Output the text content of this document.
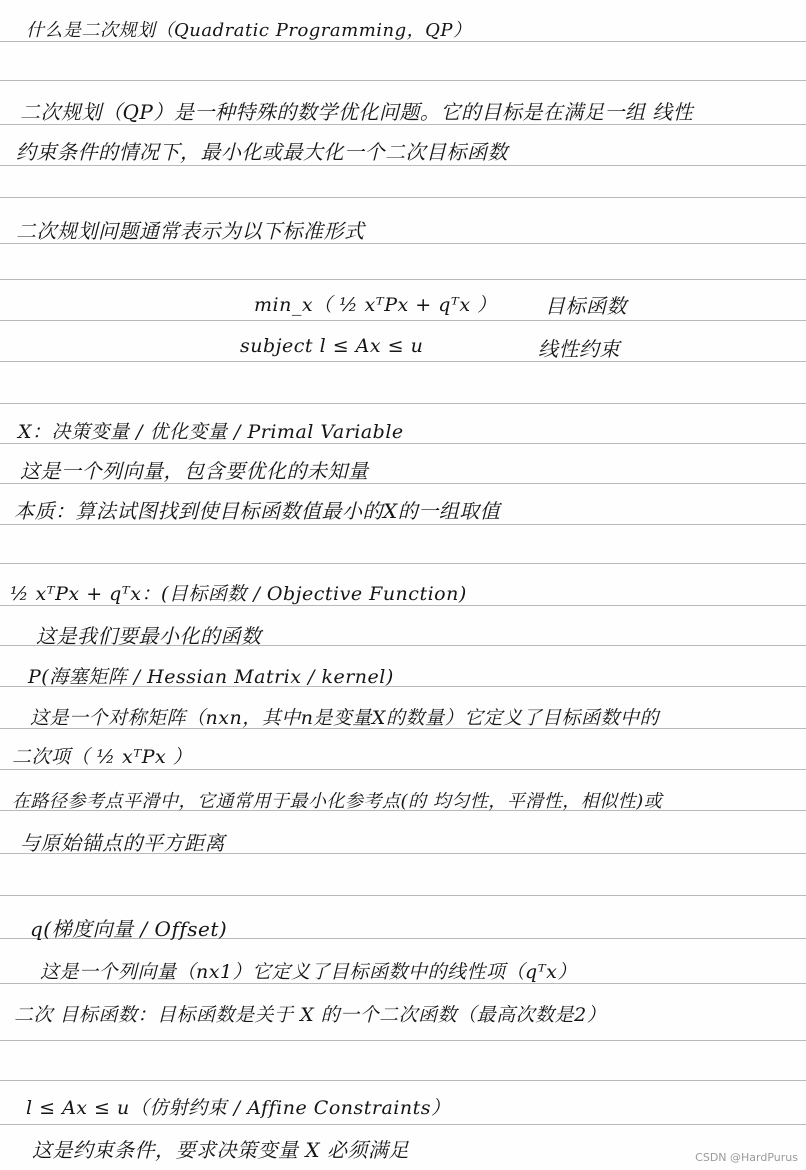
什么是二次规划（Quadratic Programming，QP）
二次规划（QP）是一种特殊的数学优化问题。它的目标是在满足一组 线性
约束条件的情况下，最小化或最大化一个二次目标函数
二次规划问题通常表示为以下标准形式
min_x（ ½ xᵀPx + qᵀx ） 目标函数
subject l ≤ Ax ≤ u	线性约束
X：决策变量 / 优化变量 / Primal Variable
这是一个列向量，包含要优化的未知量
本质：算法试图找到使目标函数值最小的X的一组取值
½ xᵀPx + qᵀx：(目标函数 / Objective Function)
这是我们要最小化的函数
P(海塞矩阵 / Hessian Matrix / kernel)
这是一个对称矩阵（nxn，其中n是变量X的数量）它定义了目标函数中的
二次项（ ½ xᵀPx ）
在路径参考点平滑中，它通常用于最小化参考点(的 均匀性，平滑性，相似性)或
与原始锚点的平方距离
q(梯度向量 / Offset)
这是一个列向量（nx1）它定义了目标函数中的线性项（qᵀx）
二次 目标函数：目标函数是关于 X 的一个二次函数（最高次数是2）
l ≤ Ax ≤ u（仿射约束 / Affine Constraints）
这是约束条件，要求决策变量 X 必须满足	CSDN @HardPurus
